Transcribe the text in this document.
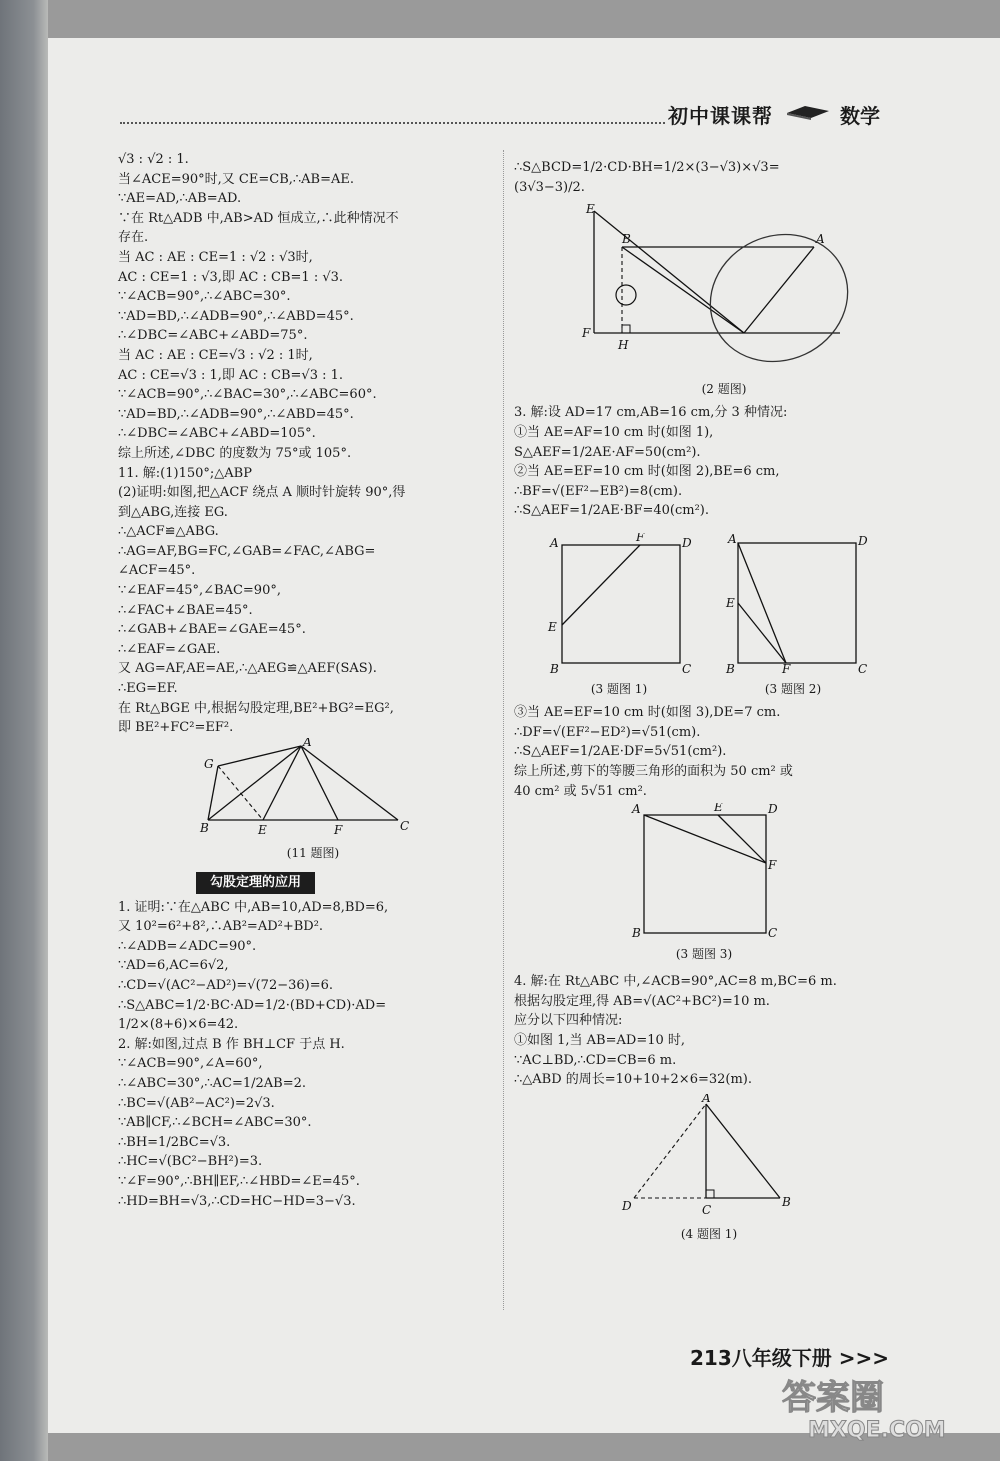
初中课课帮	数学
√3 : √2 : 1.
当∠ACE=90°时,又 CE=CB,∴AB=AE.
∵AE=AD,∴AB=AD.
∵在 Rt△ADB 中,AB>AD 恒成立,∴此种情况不
存在.
当 AC : AE : CE=1 : √2 : √3时,
AC : CE=1 : √3,即 AC : CB=1 : √3.
∵∠ACB=90°,∴∠ABC=30°.
∵AD=BD,∴∠ADB=90°,∴∠ABD=45°.
∴∠DBC=∠ABC+∠ABD=75°.
当 AC : AE : CE=√3 : √2 : 1时,
AC : CE=√3 : 1,即 AC : CB=√3 : 1.
∵∠ACB=90°,∴∠BAC=30°,∴∠ABC=60°.
∵AD=BD,∴∠ADB=90°,∴∠ABD=45°.
∴∠DBC=∠ABC+∠ABD=105°.
综上所述,∠DBC 的度数为 75°或 105°.
11. 解:(1)150°;△ABP
(2)证明:如图,把△ACF 绕点 A 顺时针旋转 90°,得
到△ABG,连接 EG.
∴△ACF≌△ABG.
∴AG=AF,BG=FC,∠GAB=∠FAC,∠ABG=
∠ACF=45°.
∵∠EAF=45°,∠BAC=90°,
∴∠FAC+∠BAE=45°.
∴∠GAB+∠BAE=∠GAE=45°.
∴∠EAF=∠GAE.
又 AG=AF,AE=AE,∴△AEG≌△AEF(SAS).
∴EG=EF.
在 Rt△BGE 中,根据勾股定理,BE²+BG²=EG²,
即 BE²+FC²=EF².
A
G
B	E	F	C
(11 题图)
勾股定理的应用
1. 证明:∵在△ABC 中,AB=10,AD=8,BD=6,
又 10²=6²+8²,∴AB²=AD²+BD².
∴∠ADB=∠ADC=90°.
∵AD=6,AC=6√2,
∴CD=√(AC²−AD²)=√(72−36)=6.
∴S△ABC=1/2·BC·AD=1/2·(BD+CD)·AD=
1/2×(8+6)×6=42.
2. 解:如图,过点 B 作 BH⊥CF 于点 H.
∵∠ACB=90°,∠A=60°,
∴∠ABC=30°,∴AC=1/2AB=2.
∴BC=√(AB²−AC²)=2√3.
∵AB∥CF,∴∠BCH=∠ABC=30°.
∴BH=1/2BC=√3.
∴HC=√(BC²−BH²)=3.
∵∠F=90°,∴BH∥EF,∴∠HBD=∠E=45°.
∴HD=BH=√3,∴CD=HC−HD=3−√3.
∴S△BCD=1/2·CD·BH=1/2×(3−√3)×√3=
(3√3−3)/2.
E
B	A
F
H
(2 题图)
3. 解:设 AD=17 cm,AB=16 cm,分 3 种情况:
①当 AE=AF=10 cm 时(如图 1),
S△AEF=1/2AE·AF=50(cm²).
②当 AE=EF=10 cm 时(如图 2),BE=6 cm,
∴BF=√(EF²−EB²)=8(cm).
∴S△AEF=1/2AE·BF=40(cm²).
A	F	D
E
B	C
(3 题图 1)
A	D
E
B	F	C
(3 题图 2)
③当 AE=EF=10 cm 时(如图 3),DE=7 cm.
∴DF=√(EF²−ED²)=√51(cm).
∴S△AEF=1/2AE·DF=5√51(cm²).
综上所述,剪下的等腰三角形的面积为 50 cm² 或
40 cm² 或 5√51 cm².
A	E	D
F
B	C
(3 题图 3)
4. 解:在 Rt△ABC 中,∠ACB=90°,AC=8 m,BC=6 m.
根据勾股定理,得 AB=√(AC²+BC²)=10 m.
应分以下四种情况:
①如图 1,当 AB=AD=10 时,
∵AC⊥BD,∴CD=CB=6 m.
∴△ABD 的周长=10+10+2×6=32(m).
A
D	C
B
(4 题图 1)
213八年级下册 >>>
答案圈
MXQE.COM
